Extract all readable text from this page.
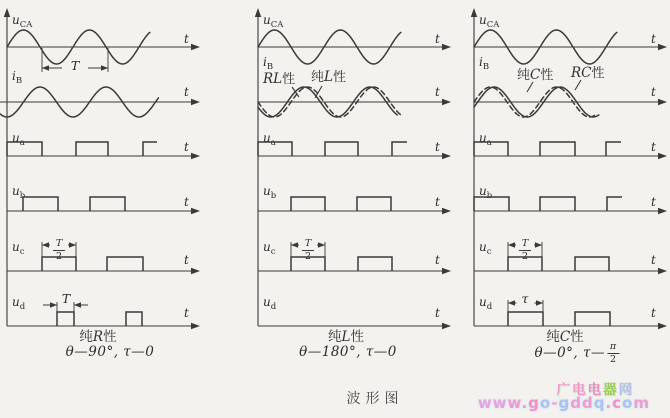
t
$u_{CA}$
t
$i_B$
t
$u_a$
t
$u_b$
t
$u_c$
t
$u_d$
t
$u_{CA}$
t
$i_B$
t
$u_a$
t
$u_b$
t
$u_c$
t
$u_d$
t
$u_{CA}$
t
$i_B$
t
$u_a$
t
$u_b$
t
$u_c$
t
$u_d$
T
$\frac{T}{2}$
T
$\frac{T}{2}$	$\frac{T}{2}$
τ
RL性 纯L性	纯C性 RC性
纯R性
θ—90°, τ—0
纯L性
θ—180°, τ—0
纯C性
θ—0°, τ— $\frac{\pi}{2}$
波形图
广电电器网
www.go-gddq.com
